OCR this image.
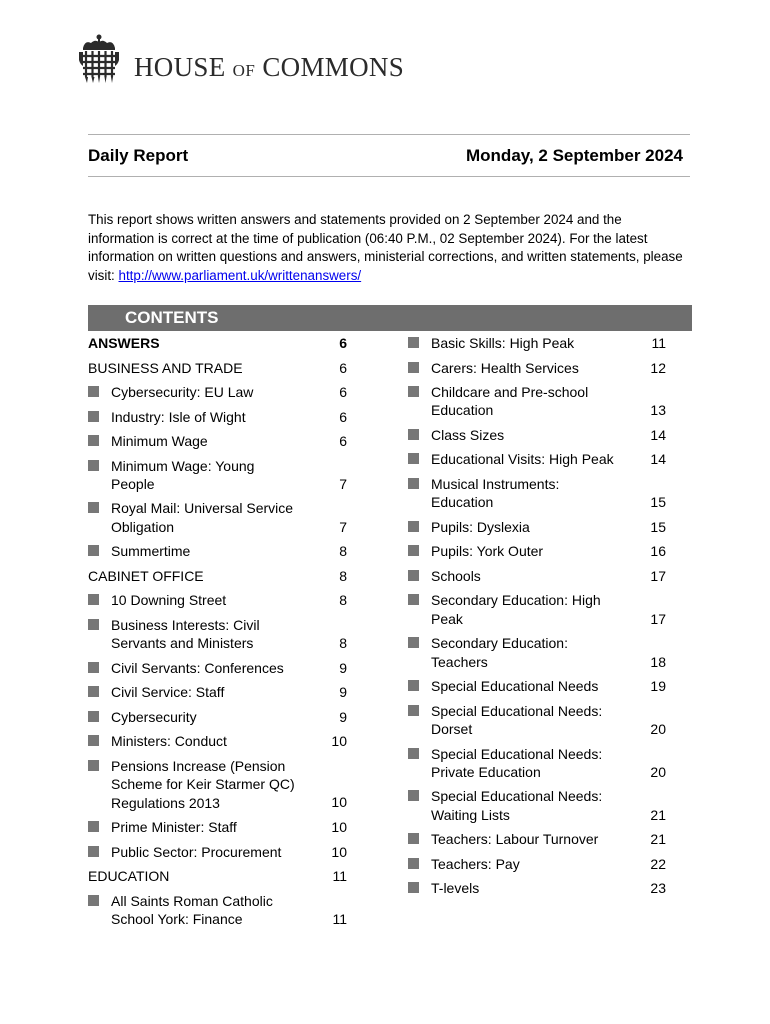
HOUSE OF COMMONS
Daily Report	Monday, 2 September 2024
This report shows written answers and statements provided on 2 September 2024 and the information is correct at the time of publication (06:40 P.M., 02 September 2024). For the latest information on written questions and answers, ministerial corrections, and written statements, please visit: http://www.parliament.uk/writtenanswers/
CONTENTS
ANSWERS	6
BUSINESS AND TRADE	6
Cybersecurity: EU Law	6
Industry: Isle of Wight	6
Minimum Wage	6
Minimum Wage: Young
People	7
Royal Mail: Universal Service
Obligation	7
Summertime	8
CABINET OFFICE	8
10 Downing Street	8
Business Interests: Civil
Servants and Ministers	8
Civil Servants: Conferences	9
Civil Service: Staff	9
Cybersecurity	9
Ministers: Conduct	10
Pensions Increase (Pension
Scheme for Keir Starmer QC)
Regulations 2013	10
Prime Minister: Staff	10
Public Sector: Procurement	10
EDUCATION	11
All Saints Roman Catholic
School York: Finance	11
Basic Skills: High Peak	11
Carers: Health Services	12
Childcare and Pre-school
Education	13
Class Sizes	14
Educational Visits: High Peak	14
Musical Instruments:
Education	15
Pupils: Dyslexia	15
Pupils: York Outer	16
Schools	17
Secondary Education: High
Peak	17
Secondary Education:
Teachers	18
Special Educational Needs	19
Special Educational Needs:
Dorset	20
Special Educational Needs:
Private Education	20
Special Educational Needs:
Waiting Lists	21
Teachers: Labour Turnover	21
Teachers: Pay	22
T-levels	23
